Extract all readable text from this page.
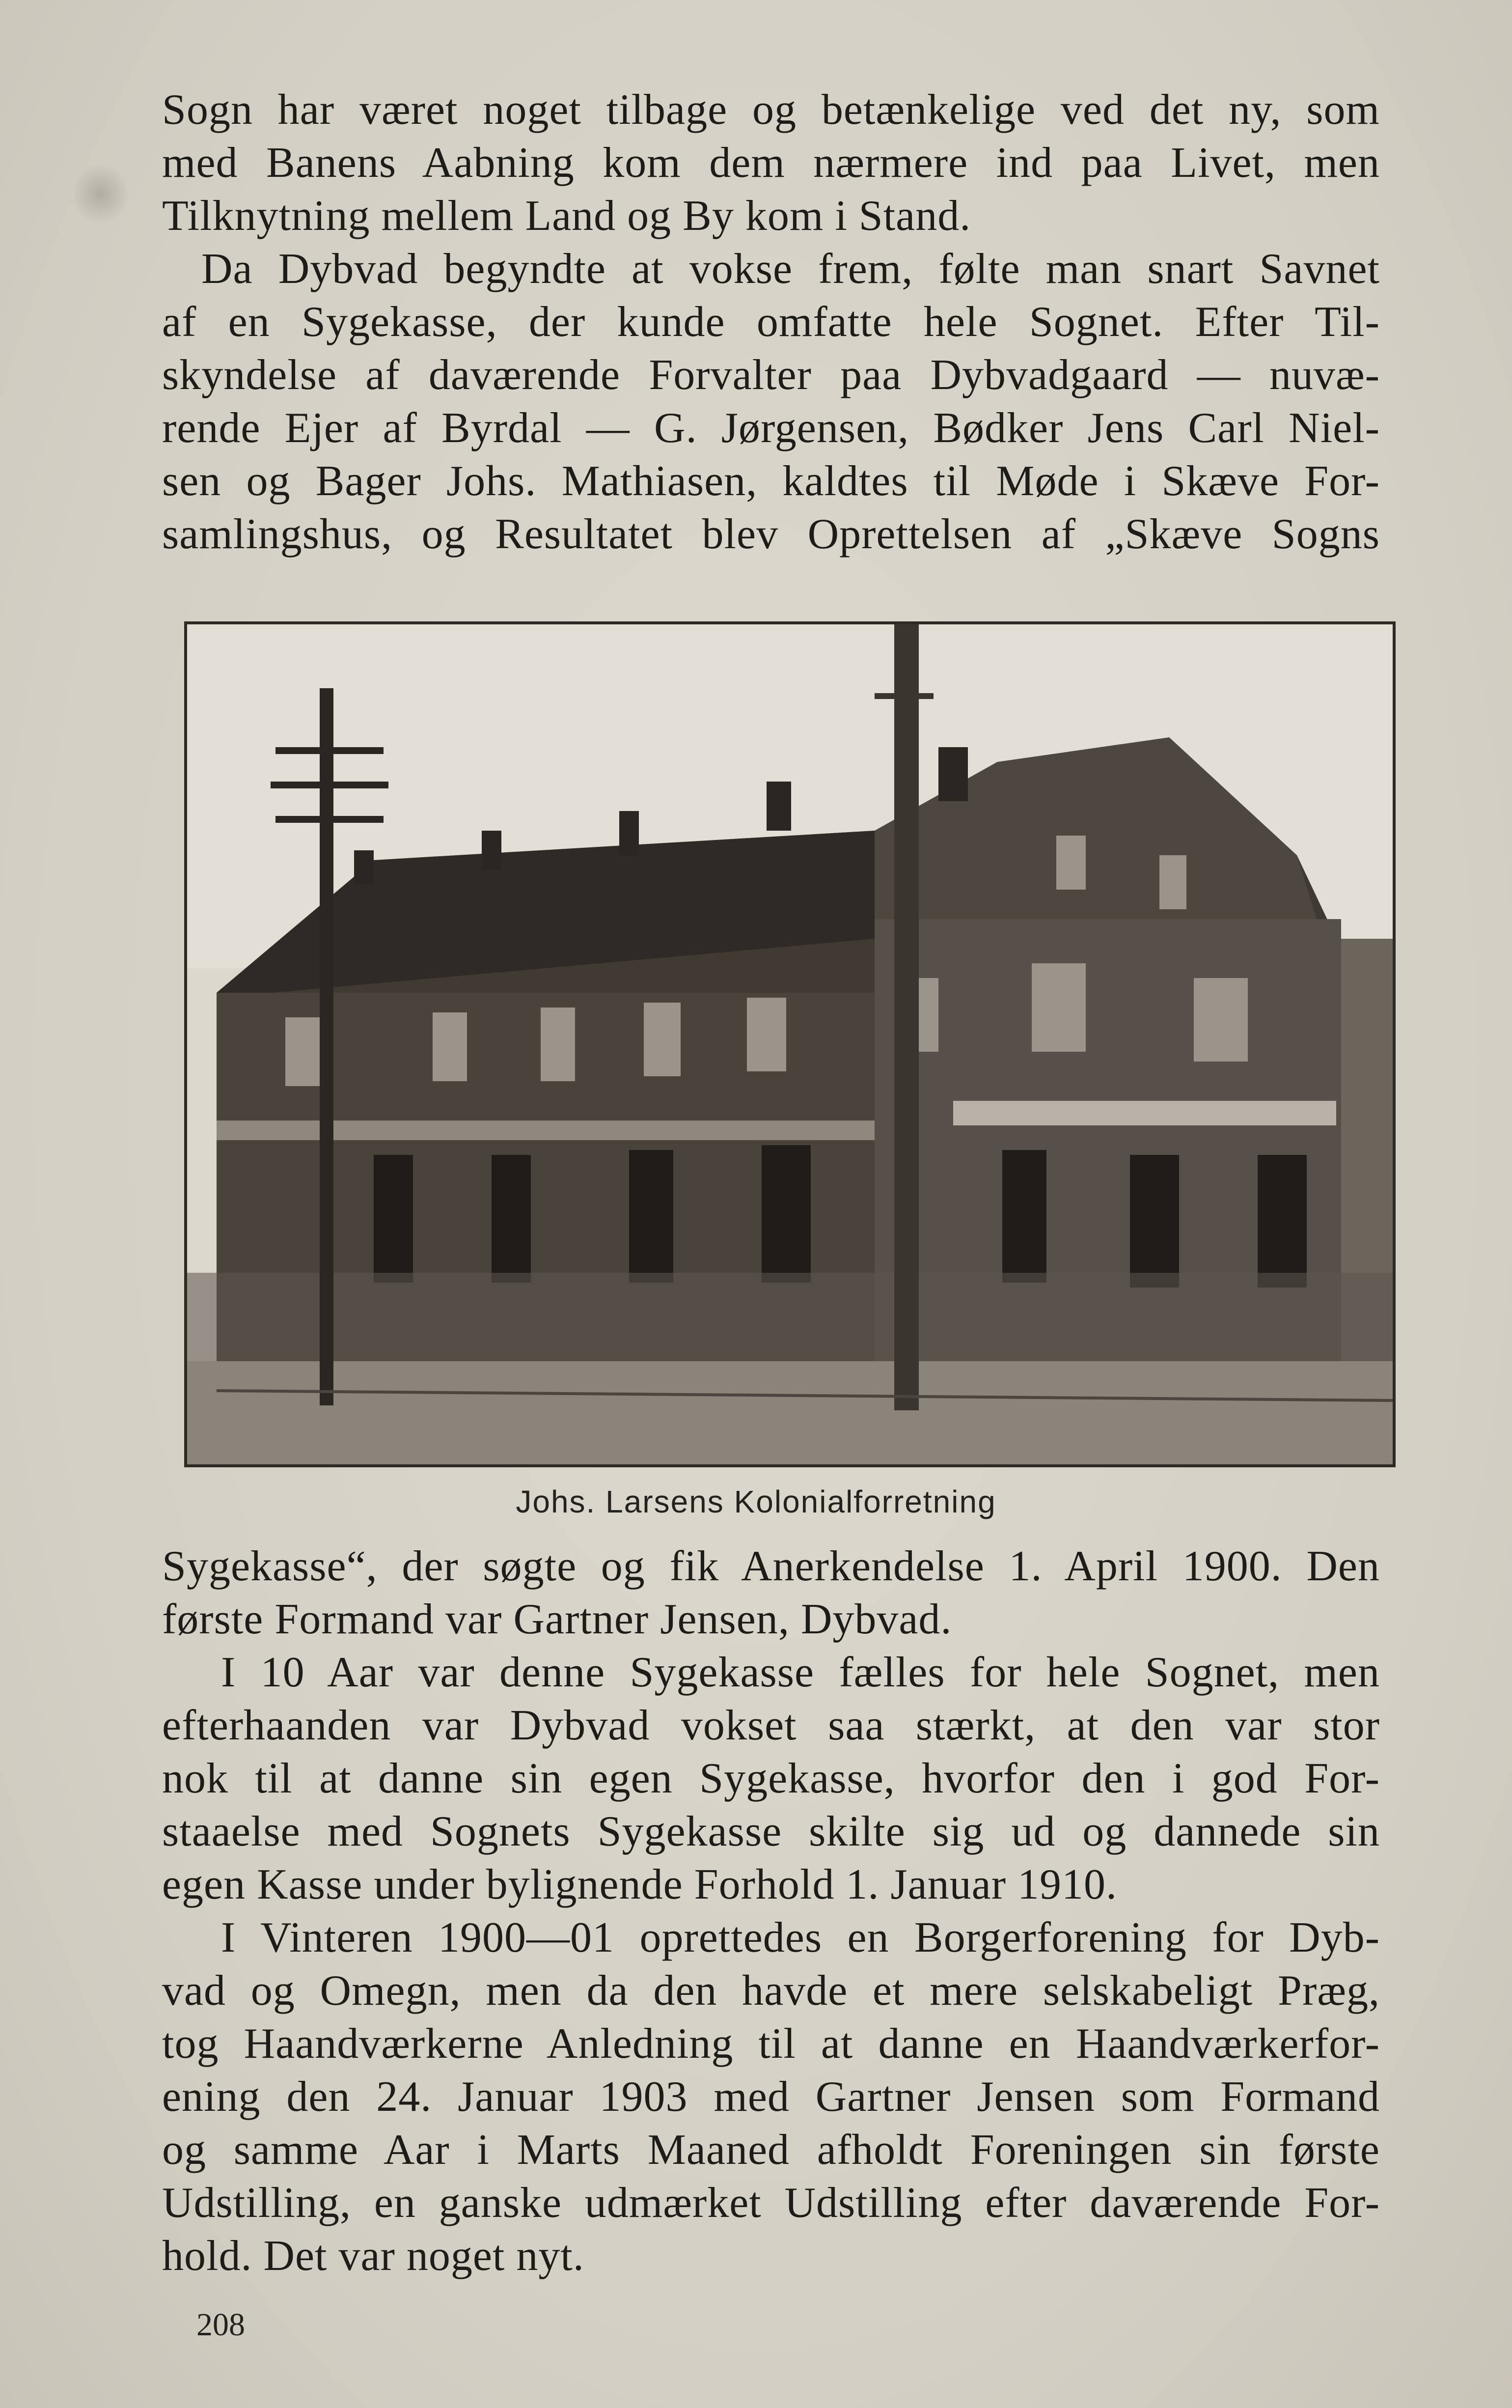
Sogn har været noget tilbage og betænkelige ved det ny, som
med Banens Aabning kom dem nærmere ind paa Livet, men
Tilknytning mellem Land og By kom i Stand.
Da Dybvad begyndte at vokse frem, følte man snart Savnet
af en Sygekasse, der kunde omfatte hele Sognet. Efter Til-
skyndelse af daværende Forvalter paa Dybvadgaard — nuvæ-
rende Ejer af Byrdal — G. Jørgensen, Bødker Jens Carl Niel-
sen og Bager Johs. Mathiasen, kaldtes til Møde i Skæve For-
samlingshus, og Resultatet blev Oprettelsen af „Skæve Sogns
Johs. Larsens Kolonialforretning
Sygekasse“, der søgte og fik Anerkendelse 1. April 1900. Den
første Formand var Gartner Jensen, Dybvad.
I 10 Aar var denne Sygekasse fælles for hele Sognet, men
efterhaanden var Dybvad vokset saa stærkt, at den var stor
nok til at danne sin egen Sygekasse, hvorfor den i god For-
staaelse med Sognets Sygekasse skilte sig ud og dannede sin
egen Kasse under bylignende Forhold 1. Januar 1910.
I Vinteren 1900—01 oprettedes en Borgerforening for Dyb-
vad og Omegn, men da den havde et mere selskabeligt Præg,
tog Haandværkerne Anledning til at danne en Haandværkerfor-
ening den 24. Januar 1903 med Gartner Jensen som Formand
og samme Aar i Marts Maaned afholdt Foreningen sin første
Udstilling, en ganske udmærket Udstilling efter daværende For-
hold. Det var noget nyt.
208
